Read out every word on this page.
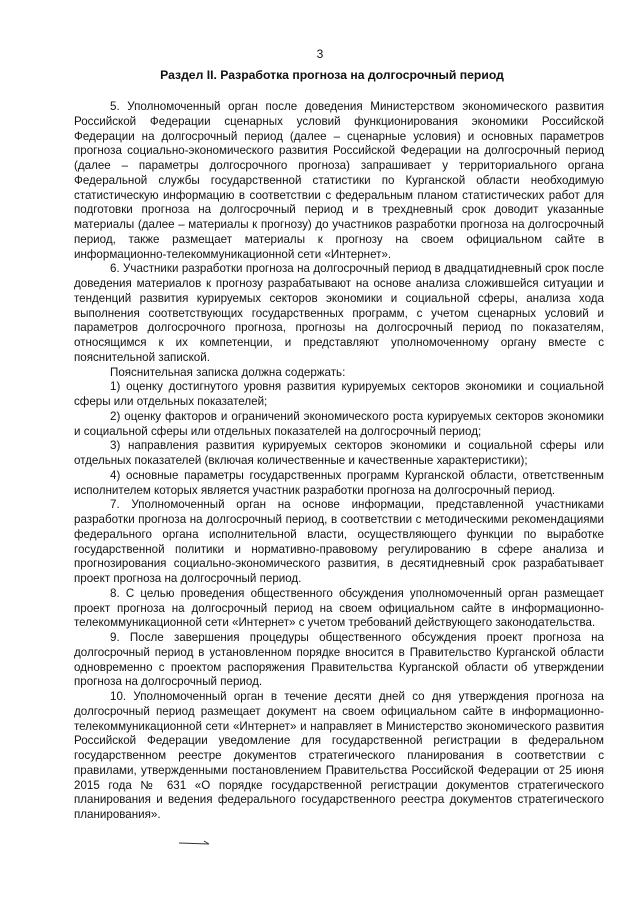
3
Раздел II. Разработка прогноза на долгосрочный период

5. Уполномоченный орган после доведения Министерством экономического развития Российской Федерации сценарных условий функционирования экономики Российской Федерации на долгосрочный период (далее – сценарные условия) и основных параметров прогноза социально-экономического развития Российской Федерации на долгосрочный период (далее – параметры долгосрочного прогноза) запрашивает у территориального органа Федеральной службы государственной статистики по Курганской области необходимую статистическую информацию в соответствии с федеральным планом статистических работ для подготовки прогноза на долгосрочный период и в трехдневный срок доводит указанные материалы (далее – материалы к прогнозу) до участников разработки прогноза на долгосрочный период, также размещает материалы к прогнозу на своем официальном сайте в информационно-телекоммуникационной сети «Интернет».

6. Участники разработки прогноза на долгосрочный период в двадцатидневный срок после доведения материалов к прогнозу разрабатывают на основе анализа сложившейся ситуации и тенденций развития курируемых секторов экономики и социальной сферы, анализа хода выполнения соответствующих государственных программ, с учетом сценарных условий и параметров долгосрочного прогноза, прогнозы на долгосрочный период по показателям, относящимся к их компетенции, и представляют уполномоченному органу вместе с пояснительной запиской.

Пояснительная записка должна содержать:

1) оценку достигнутого уровня развития курируемых секторов экономики и социальной сферы или отдельных показателей;

2) оценку факторов и ограничений экономического роста курируемых секторов экономики и социальной сферы или отдельных показателей на долгосрочный период;

3) направления развития курируемых секторов экономики и социальной сферы или отдельных показателей (включая количественные и качественные характеристики);

4) основные параметры государственных программ Курганской области, ответственным исполнителем которых является участник разработки прогноза на долгосрочный период.

7. Уполномоченный орган на основе информации, представленной участниками разработки прогноза на долгосрочный период, в соответствии с методическими рекомендациями федерального органа исполнительной власти, осуществляющего функции по выработке государственной политики и нормативно-правовому регулированию в сфере анализа и прогнозирования социально-экономического развития, в десятидневный срок разрабатывает проект прогноза на долгосрочный период.

8. С целью проведения общественного обсуждения уполномоченный орган размещает проект прогноза на долгосрочный период на своем официальном сайте в информационно-телекоммуникационной сети «Интернет» с учетом требований действующего законодательства.

9. После завершения процедуры общественного обсуждения проект прогноза на долгосрочный период в установленном порядке вносится в Правительство Курганской области одновременно с проектом распоряжения Правительства Курганской области об утверждении прогноза на долгосрочный период.

10. Уполномоченный орган в течение десяти дней со дня утверждения прогноза на долгосрочный период размещает документ на своем официальном сайте в информационно-телекоммуникационной сети «Интернет» и направляет в Министерство экономического развития Российской Федерации уведомление для государственной регистрации в федеральном государственном реестре документов стратегического планирования в соответствии с правилами, утвержденными постановлением Правительства Российской Федерации от 25 июня 2015 года № 631 «О порядке государственной регистрации документов стратегического планирования и ведения федерального государственного реестра документов стратегического планирования».
